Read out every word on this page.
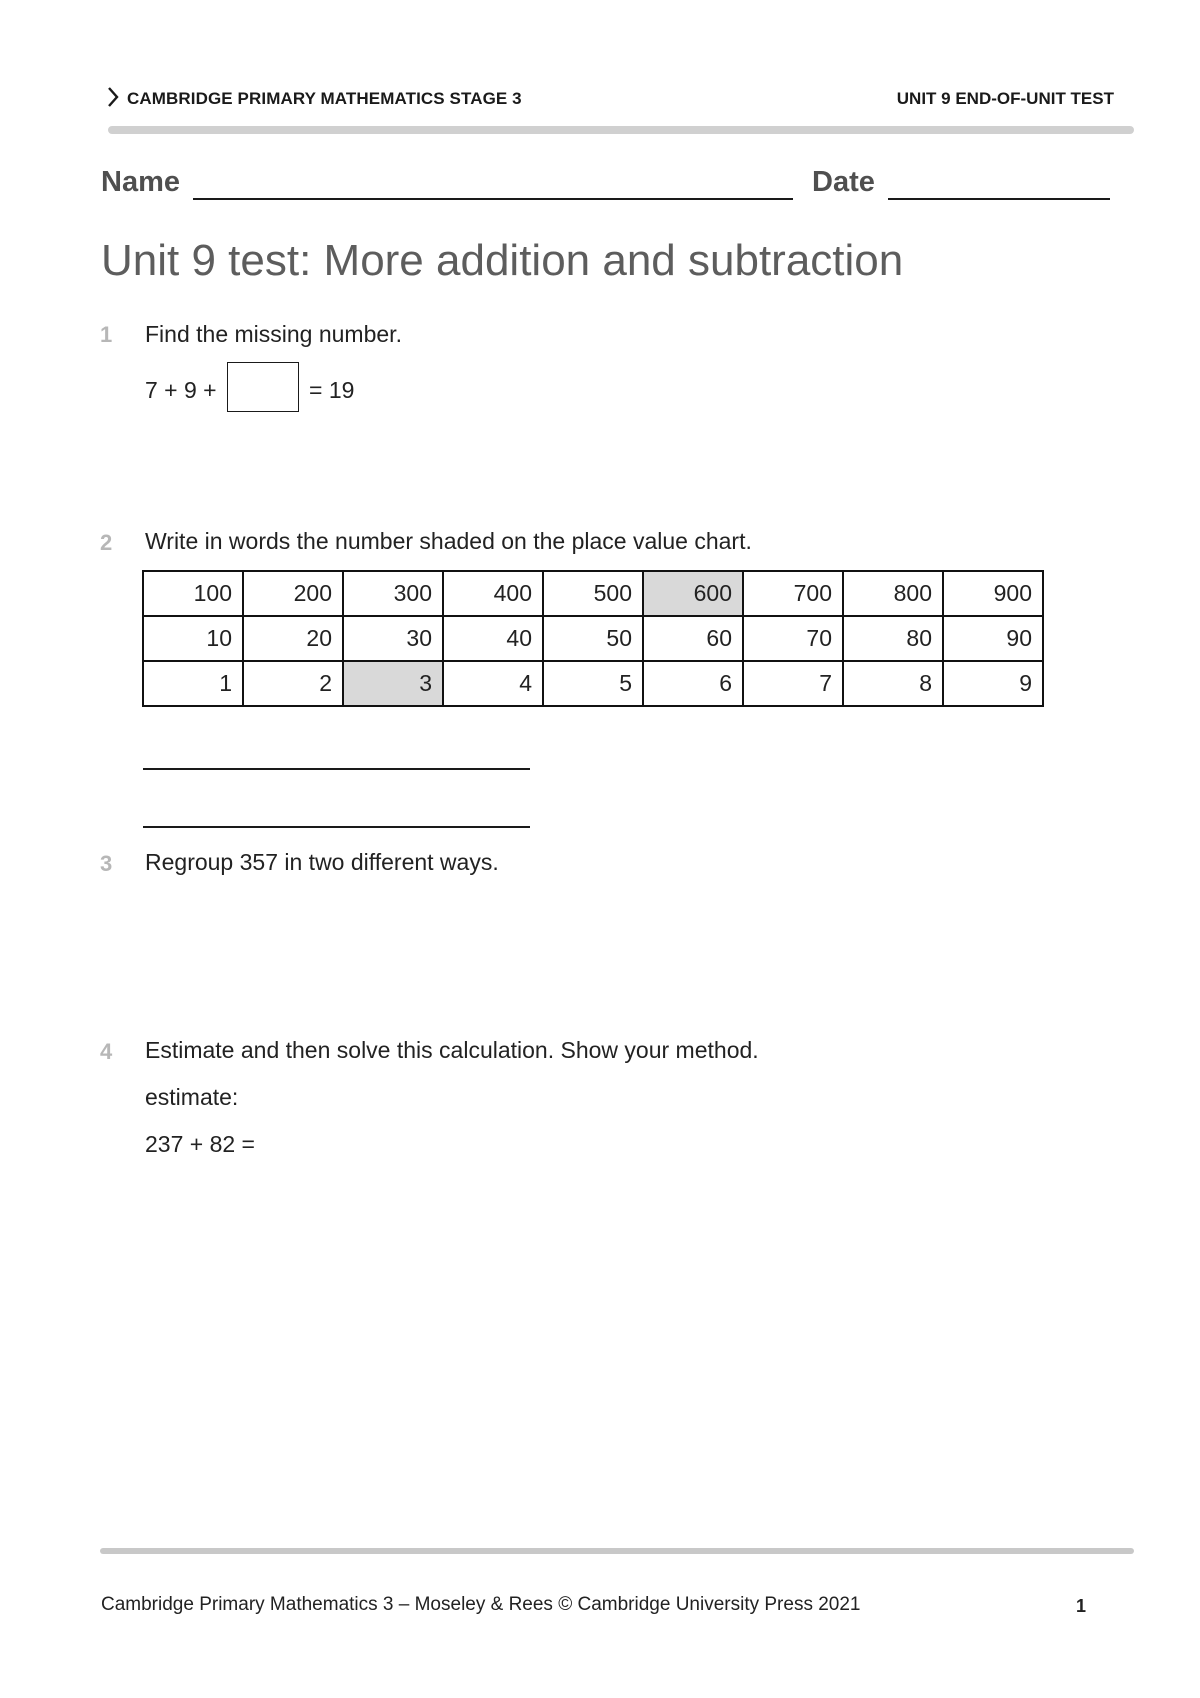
CAMBRIDGE PRIMARY MATHEMATICS STAGE 3	UNIT 9 END-OF-UNIT TEST
Name	Date
Unit 9 test: More addition and subtraction
1 Find the missing number.
7 + 9 +	= 19
2 Write in words the number shaded on the place value chart.
100	200	300	400	500	600	700	800	900
10	20	30	40	50	60	70	80	90
1	2	3	4	5	6	7	8	9
3 Regroup 357 in two different ways.
4 Estimate and then solve this calculation. Show your method.
estimate:
237 + 82 =
Cambridge Primary Mathematics 3 – Moseley & Rees © Cambridge University Press 2021	1
